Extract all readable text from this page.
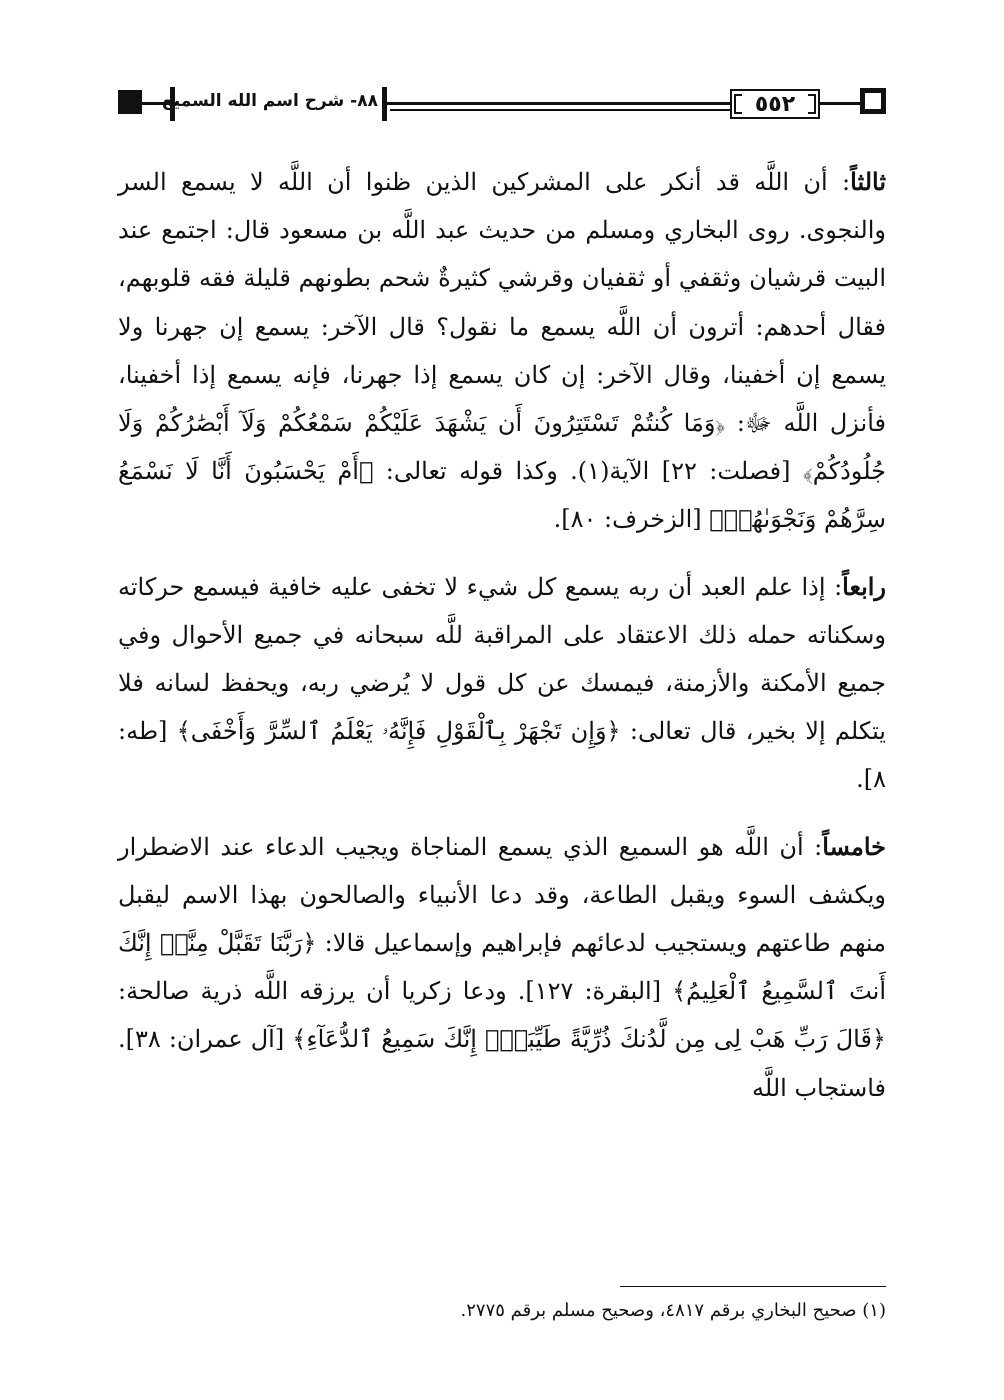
٨٨- شرح اسم الله السميع	٥٥٢

ثالثاً: أن اللَّه قد أنكر على المشركين الذين ظنوا أن اللَّه لا يسمع السر والنجوى. روى البخاري ومسلم من حديث عبد اللَّه بن مسعود قال: اجتمع عند البيت قرشيان وثقفي أو ثقفيان وقرشي كثيرةٌ شحم بطونهم قليلة فقه قلوبهم، فقال أحدهم: أترون أن اللَّه يسمع ما نقول؟ قال الآخر: يسمع إن جهرنا ولا يسمع إن أخفينا، وقال الآخر: إن كان يسمع إذا جهرنا، فإنه يسمع إذا أخفينا، فأنزل اللَّه ﷻ: ﴿وَمَا كُنتُمْ تَسْتَتِرُونَ أَن يَشْهَدَ عَلَيْكُمْ سَمْعُكُمْ وَلَآ أَبْصَٰرُكُمْ وَلَا جُلُودُكُمْ﴾ [فصلت: ٢٢] الآية(١). وكذا قوله تعالى: ﴿أَمْ يَحْسَبُونَ أَنَّا لَا نَسْمَعُ سِرَّهُمْ وَنَجْوَىٰهُمۚ﴾ [الزخرف: ٨٠].

رابعاً: إذا علم العبد أن ربه يسمع كل شيء لا تخفى عليه خافية فيسمع حركاته وسكناته حمله ذلك الاعتقاد على المراقبة للَّه سبحانه في جميع الأحوال وفي جميع الأمكنة والأزمنة، فيمسك عن كل قول لا يُرضي ربه، ويحفظ لسانه فلا يتكلم إلا بخير، قال تعالى: ﴿وَإِن تَجْهَرْ بِٱلْقَوْلِ فَإِنَّهُۥ يَعْلَمُ ٱلسِّرَّ وَأَخْفَى﴾ [طه: ٨].

خامساً: أن اللَّه هو السميع الذي يسمع المناجاة ويجيب الدعاء عند الاضطرار ويكشف السوء ويقبل الطاعة، وقد دعا الأنبياء والصالحون بهذا الاسم ليقبل منهم طاعتهم ويستجيب لدعائهم فإبراهيم وإسماعيل قالا: ﴿رَبَّنَا تَقَبَّلْ مِنَّآۖ إِنَّكَ أَنتَ ٱلسَّمِيعُ ٱلْعَلِيمُ﴾ [البقرة: ١٢٧]. ودعا زكريا أن يرزقه اللَّه ذرية صالحة: ﴿قَالَ رَبِّ هَبْ لِى مِن لَّدُنكَ ذُرِّيَّةً طَيِّبَةًۖ إِنَّكَ سَمِيعُ ٱلدُّعَآءِ﴾ [آل عمران: ٣٨]. فاستجاب اللَّه

(١) صحيح البخاري برقم ٤٨١٧، وصحيح مسلم برقم ٢٧٧٥.
